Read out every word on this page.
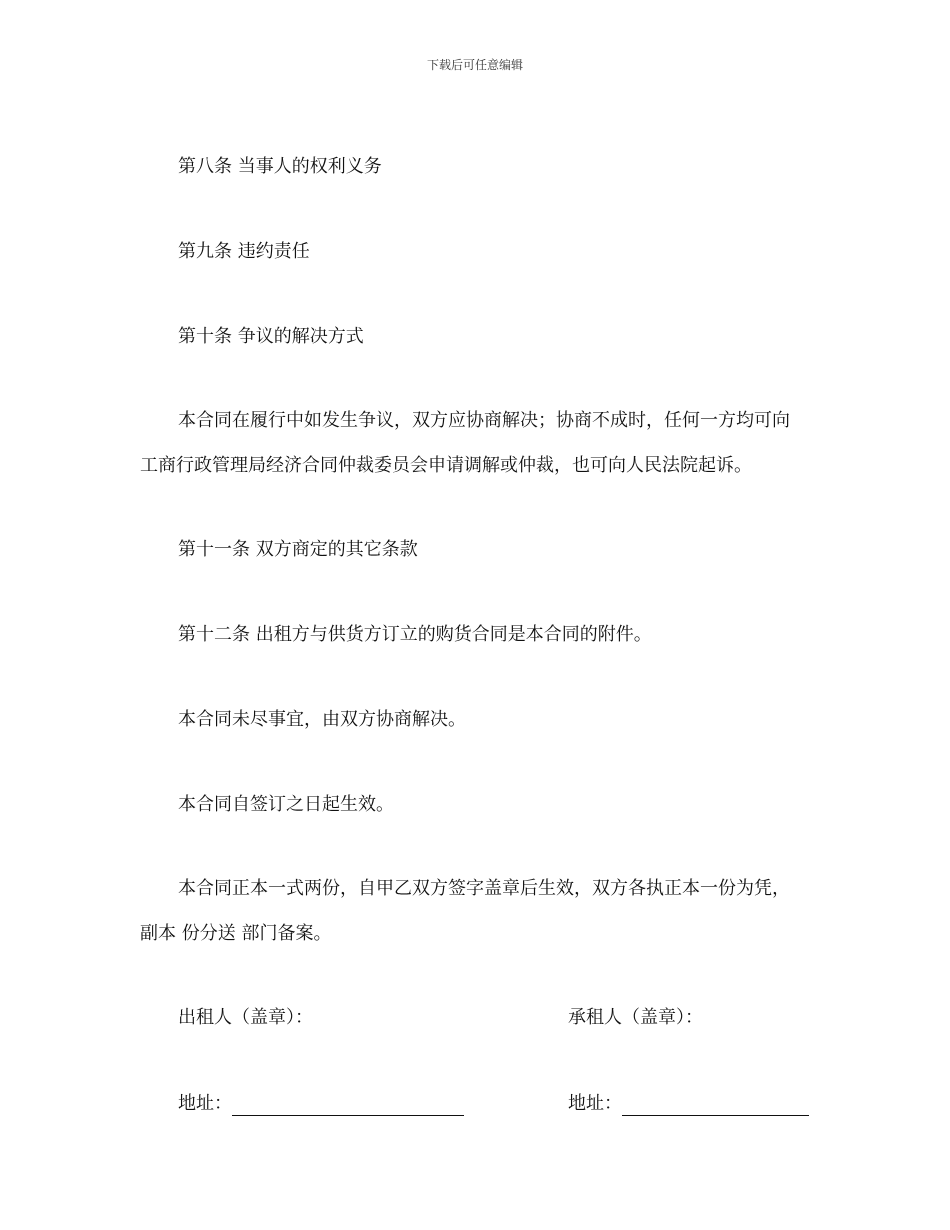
下载后可任意编辑
第八条 当事人的权利义务
第九条 违约责任
第十条 争议的解决方式
本合同在履行中如发生争议，双方应协商解决；协商不成时，任何一方均可向
工商行政管理局经济合同仲裁委员会申请调解或仲裁，也可向人民法院起诉。
第十一条 双方商定的其它条款
第十二条 出租方与供货方订立的购货合同是本合同的附件。
本合同未尽事宜，由双方协商解决。
本合同自签订之日起生效。
本合同正本一式两份，自甲乙双方签字盖章后生效，双方各执正本一份为凭，
副本 份分送 部门备案。
出租人（盖章）：	承租人（盖章）：
地址：	地址：
